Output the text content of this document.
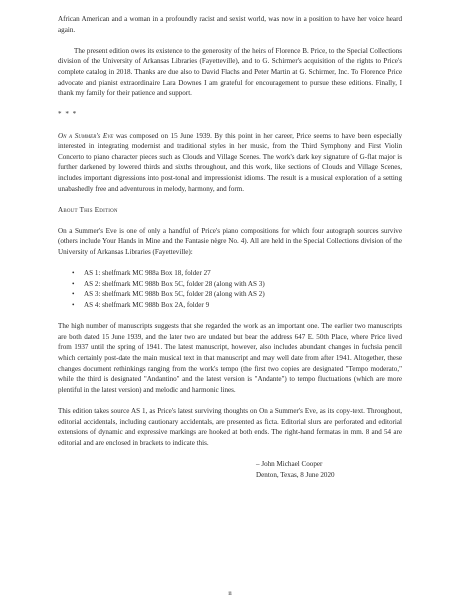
African American and a woman in a profoundly racist and sexist world, was now in a position to have her voice heard again.

The present edition owes its existence to the generosity of the heirs of Florence B. Price, to the Special Collections division of the University of Arkansas Libraries (Fayetteville), and to G. Schirmer's acquisition of the rights to Price's complete catalog in 2018. Thanks are due also to David Flachs and Peter Martin at G. Schirmer, Inc. To Florence Price advocate and pianist extraordinaire Lara Downes I am grateful for encouragement to pursue these editions. Finally, I thank my family for their patience and support.

* * *

On a Summer's Eve was composed on 15 June 1939. By this point in her career, Price seems to have been especially interested in integrating modernist and traditional styles in her music, from the Third Symphony and First Violin Concerto to piano character pieces such as Clouds and Village Scenes. The work's dark key signature of G-flat major is further darkened by lowered thirds and sixths throughout, and this work, like sections of Clouds and Village Scenes, includes important digressions into post-tonal and impressionist idioms. The result is a musical exploration of a setting unabashedly free and adventurous in melody, harmony, and form.

About This Edition

On a Summer's Eve is one of only a handful of Price's piano compositions for which four autograph sources survive (others include Your Hands in Mine and the Fantasie nègre No. 4). All are held in the Special Collections division of the University of Arkansas Libraries (Fayetteville):

• AS 1: shelfmark MC 988a Box 18, folder 27
• AS 2: shelfmark MC 988b Box 5C, folder 28 (along with AS 3)
• AS 3: shelfmark MC 988b Box 5C, folder 28 (along with AS 2)
• AS 4: shelfmark MC 988b Box 2A, folder 9

The high number of manuscripts suggests that she regarded the work as an important one. The earlier two manuscripts are both dated 15 June 1939, and the later two are undated but bear the address 647 E. 50th Place, where Price lived from 1937 until the spring of 1941. The latest manuscript, however, also includes abundant changes in fuchsia pencil which certainly post-date the main musical text in that manuscript and may well date from after 1941. Altogether, these changes document rethinkings ranging from the work's tempo (the first two copies are designated "Tempo moderato," while the third is designated "Andantino" and the latest version is "Andante") to tempo fluctuations (which are more plentiful in the latest version) and melodic and harmonic lines.

This edition takes source AS 1, as Price's latest surviving thoughts on On a Summer's Eve, as its copy-text. Throughout, editorial accidentals, including cautionary accidentals, are presented as ficta. Editorial slurs are perforated and editorial extensions of dynamic and expressive markings are hooked at both ends. The right-hand fermatas in mm. 8 and 54 are editorial and are enclosed in brackets to indicate this.

– John Michael Cooper
Denton, Texas, 8 June 2020
ii
